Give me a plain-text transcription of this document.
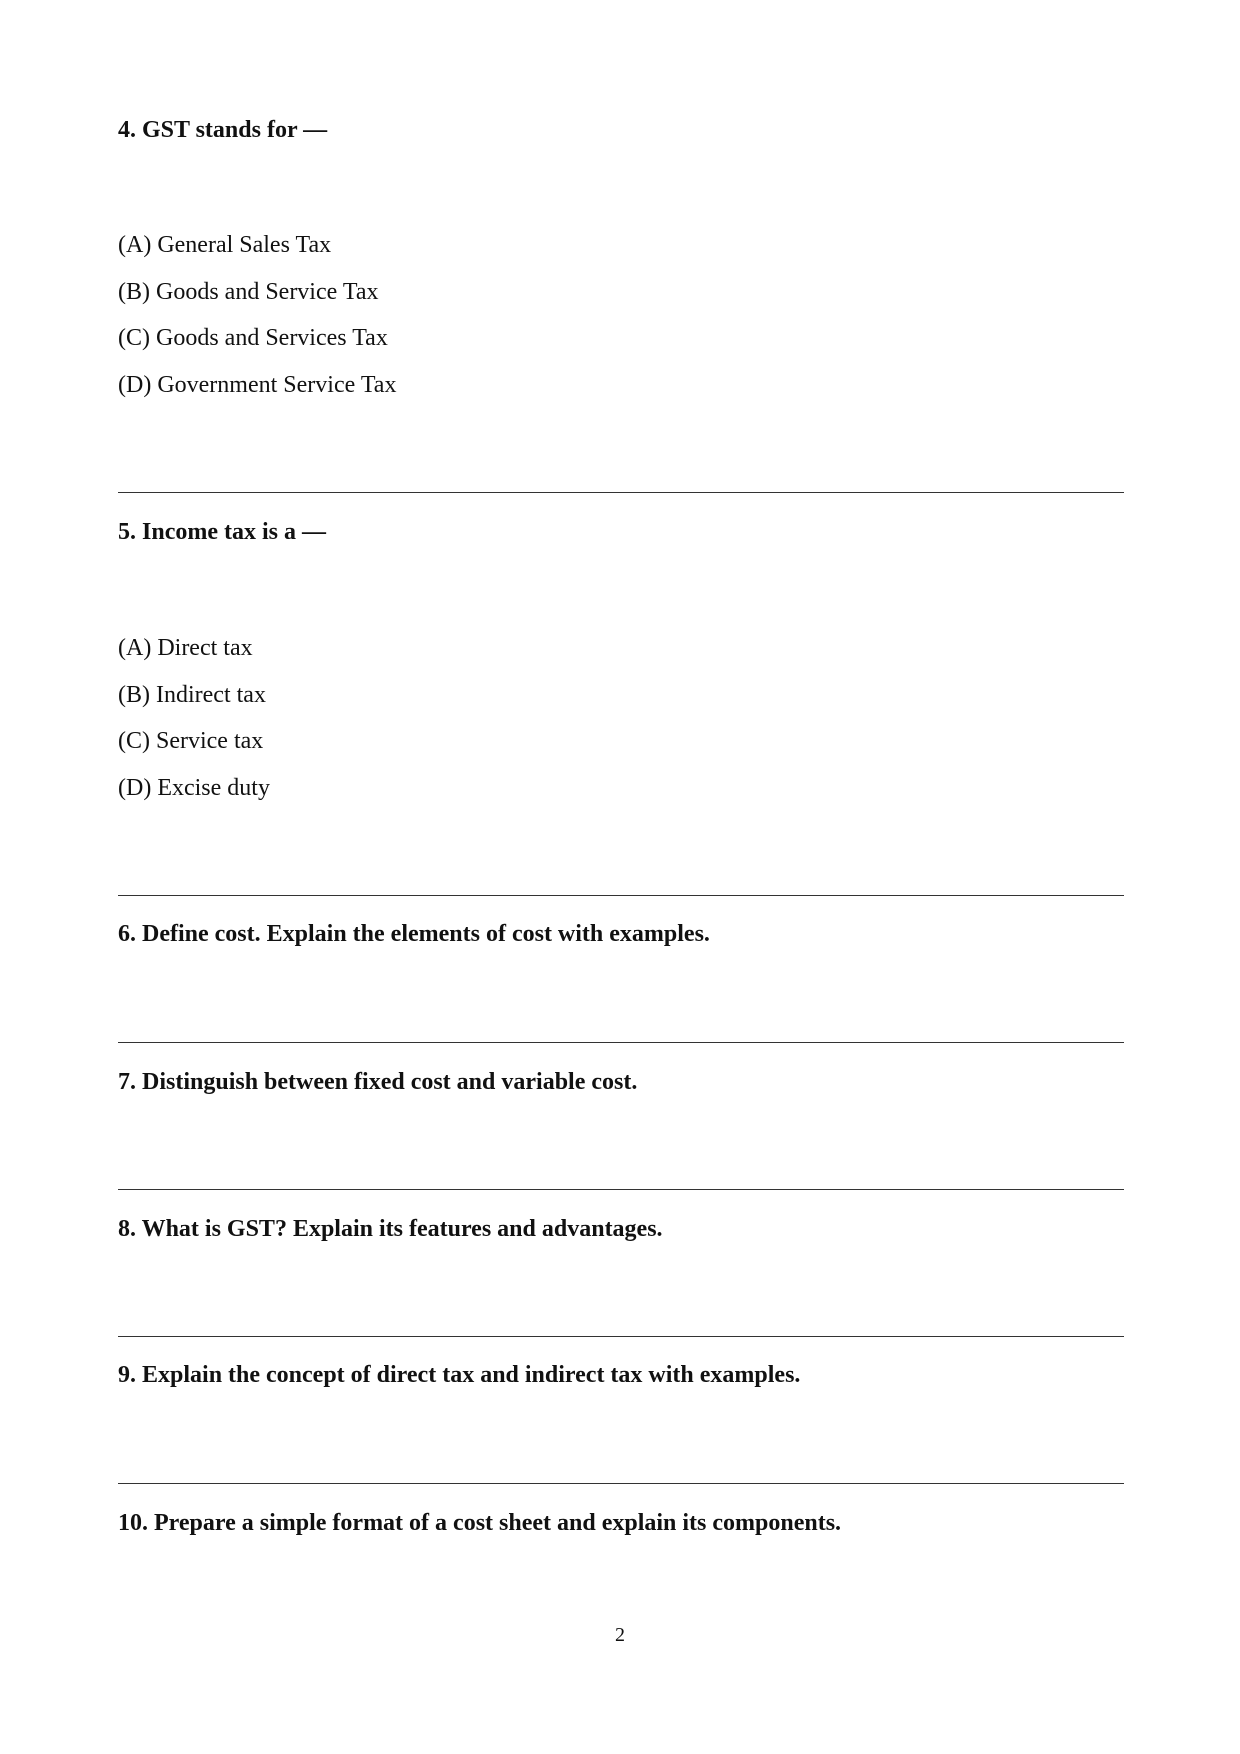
4. GST stands for —
(A) General Sales Tax
(B) Goods and Service Tax
(C) Goods and Services Tax
(D) Government Service Tax
5. Income tax is a —
(A) Direct tax
(B) Indirect tax
(C) Service tax
(D) Excise duty
6. Define cost. Explain the elements of cost with examples.
7. Distinguish between fixed cost and variable cost.
8. What is GST? Explain its features and advantages.
9. Explain the concept of direct tax and indirect tax with examples.
10. Prepare a simple format of a cost sheet and explain its components.
2
